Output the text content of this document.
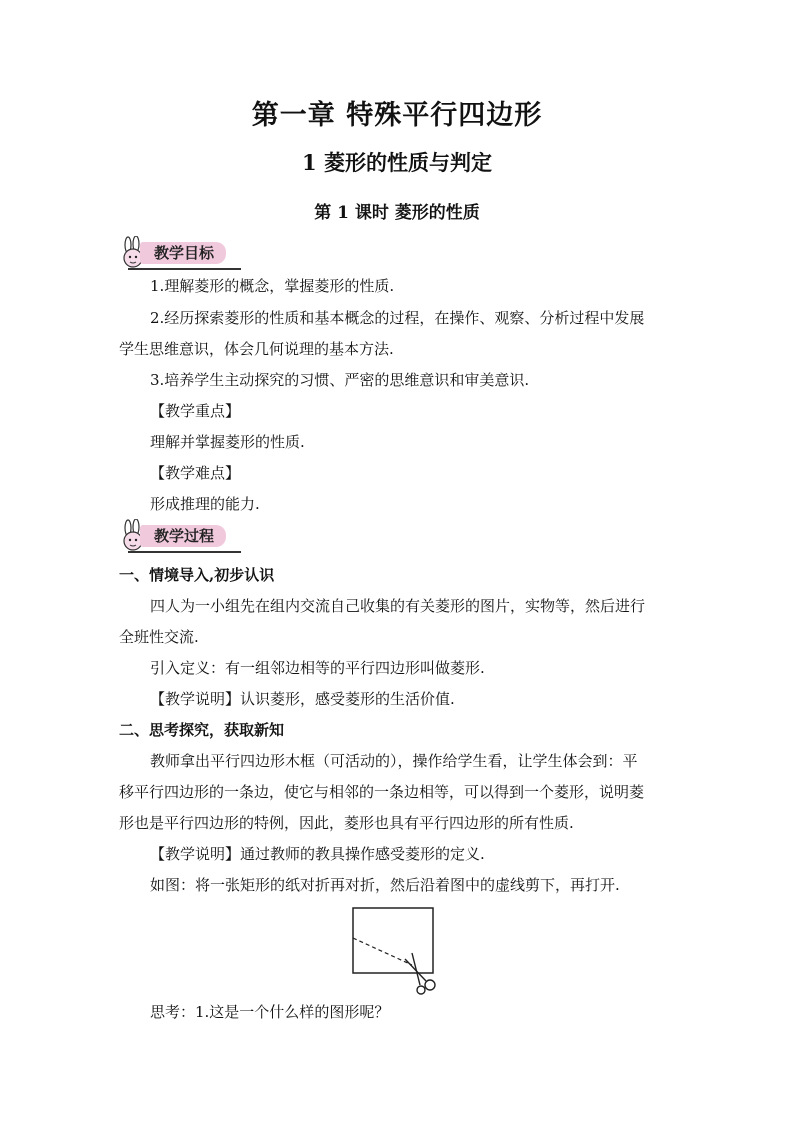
第一章 特殊平行四边形
1 菱形的性质与判定
第 1 课时 菱形的性质
教学目标
1.理解菱形的概念，掌握菱形的性质.
2.经历探索菱形的性质和基本概念的过程，在操作、观察、分析过程中发展
学生思维意识，体会几何说理的基本方法.
3.培养学生主动探究的习惯、严密的思维意识和审美意识.
【教学重点】
理解并掌握菱形的性质.
【教学难点】
形成推理的能力.
教学过程
一、情境导入,初步认识
四人为一小组先在组内交流自己收集的有关菱形的图片，实物等，然后进行
全班性交流.
引入定义：有一组邻边相等的平行四边形叫做菱形.
【教学说明】认识菱形，感受菱形的生活价值.
二、思考探究，获取新知
教师拿出平行四边形木框（可活动的），操作给学生看，让学生体会到：平
移平行四边形的一条边，使它与相邻的一条边相等，可以得到一个菱形，说明菱
形也是平行四边形的特例，因此，菱形也具有平行四边形的所有性质.
【教学说明】通过教师的教具操作感受菱形的定义.
如图：将一张矩形的纸对折再对折，然后沿着图中的虚线剪下，再打开.
思考：1.这是一个什么样的图形呢？
